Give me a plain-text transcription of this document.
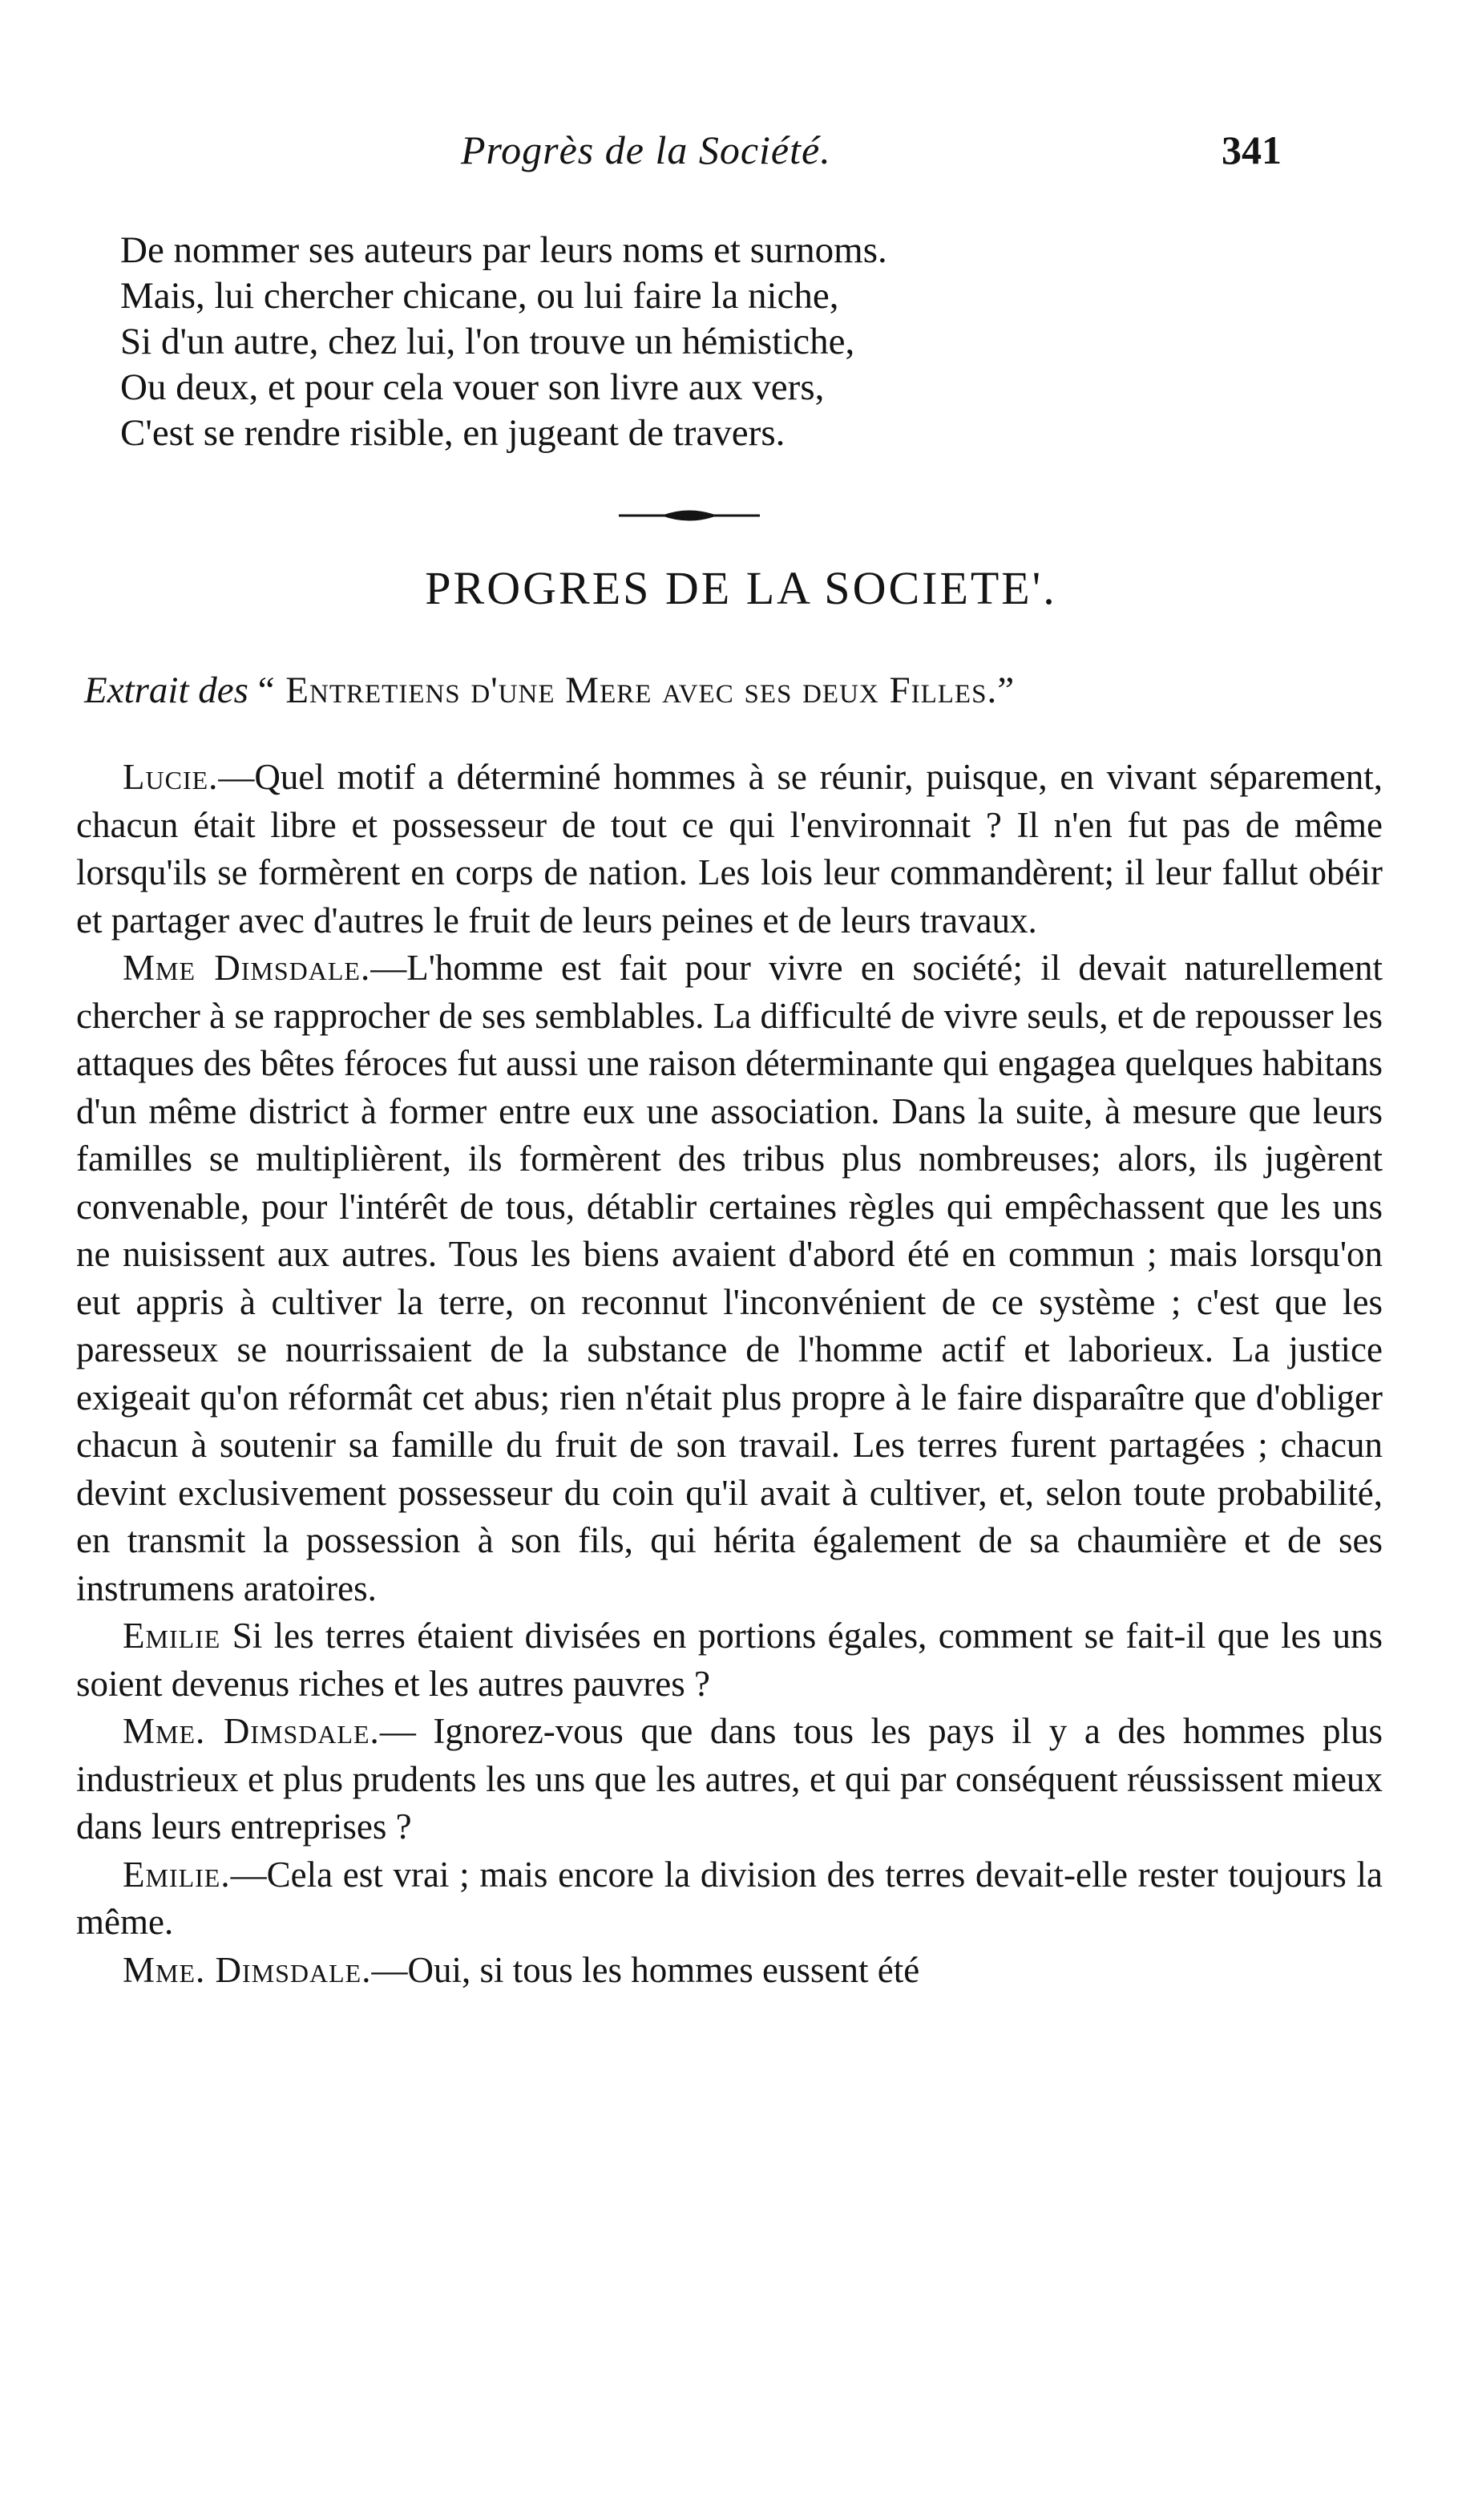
Progrès de la Société.	341
De nommer ses auteurs par leurs noms et surnoms.
Mais, lui chercher chicane, ou lui faire la niche,
Si d'un autre, chez lui, l'on trouve un hémistiche,
Ou deux, et pour cela vouer son livre aux vers,
C'est se rendre risible, en jugeant de travers.
PROGRES DE LA SOCIETE'.
Extrait des “ Entretiens d'une Mere avec ses deux Filles.”

Lucie.—Quel motif a déterminé hommes à se réunir, puisque, en vivant séparement, chacun était libre et possesseur de tout ce qui l'environnait ? Il n'en fut pas de même lorsqu'ils se formèrent en corps de nation. Les lois leur commandèrent; il leur fallut obéir et partager avec d'autres le fruit de leurs peines et de leurs travaux.

Mme Dimsdale.—L'homme est fait pour vivre en société; il devait naturellement chercher à se rapprocher de ses semblables. La difficulté de vivre seuls, et de repousser les attaques des bêtes féroces fut aussi une raison déterminante qui engagea quelques habitans d'un même district à former entre eux une association. Dans la suite, à mesure que leurs familles se multiplièrent, ils formèrent des tribus plus nombreuses; alors, ils jugèrent convenable, pour l'intérêt de tous, détablir certaines règles qui empêchassent que les uns ne nuisissent aux autres. Tous les biens avaient d'abord été en commun ; mais lorsqu'on eut appris à cultiver la terre, on reconnut l'inconvénient de ce système ; c'est que les paresseux se nourrissaient de la substance de l'homme actif et laborieux. La justice exigeait qu'on réformât cet abus; rien n'était plus propre à le faire disparaître que d'obliger chacun à soutenir sa famille du fruit de son travail. Les terres furent partagées ; chacun devint exclusivement possesseur du coin qu'il avait à cultiver, et, selon toute probabilité, en transmit la possession à son fils, qui hérita également de sa chaumière et de ses instrumens aratoires.

Emilie Si les terres étaient divisées en portions égales, comment se fait-il que les uns soient devenus riches et les autres pauvres ?

Mme. Dimsdale.— Ignorez-vous que dans tous les pays il y a des hommes plus industrieux et plus prudents les uns que les autres, et qui par conséquent réussissent mieux dans leurs entreprises ?

Emilie.—Cela est vrai ; mais encore la division des terres devait-elle rester toujours la même.

Mme. Dimsdale.—Oui, si tous les hommes eussent été
